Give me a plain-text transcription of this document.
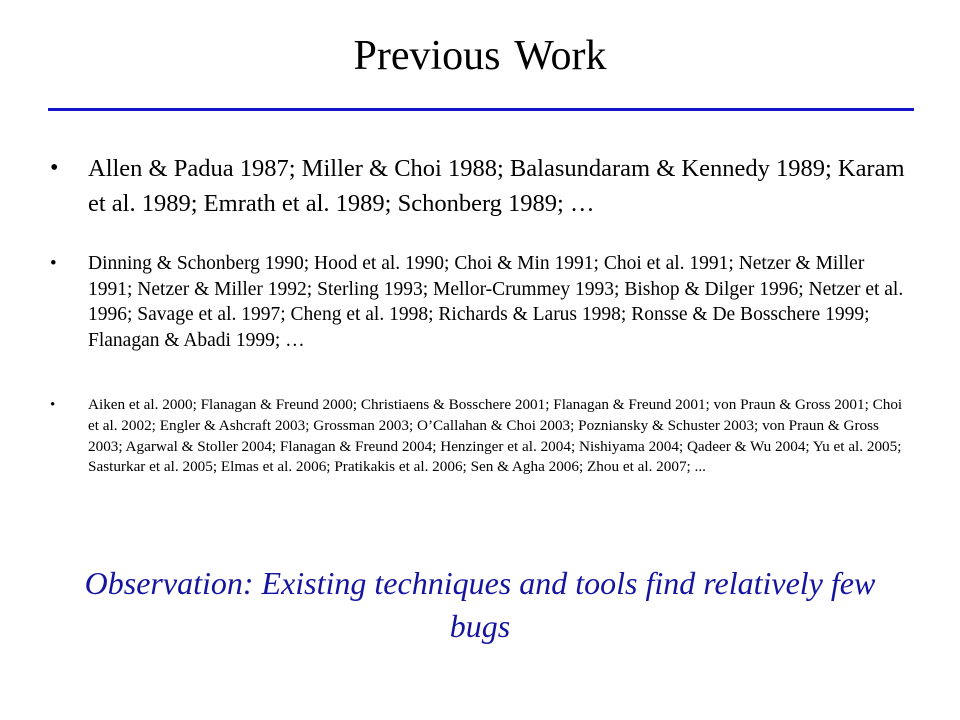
Previous Work
• Allen & Padua 1987; Miller & Choi 1988; Balasundaram & Kennedy 1989; Karam et al. 1989; Emrath et al. 1989; Schonberg 1989; …
• Dinning & Schonberg 1990; Hood et al. 1990; Choi & Min 1991; Choi et al. 1991; Netzer & Miller 1991; Netzer & Miller 1992; Sterling 1993; Mellor-Crummey 1993; Bishop & Dilger 1996; Netzer et al. 1996; Savage et al. 1997; Cheng et al. 1998; Richards & Larus 1998; Ronsse & De Bosschere 1999; Flanagan & Abadi 1999; …
• Aiken et al. 2000; Flanagan & Freund 2000; Christiaens & Bosschere 2001; Flanagan & Freund 2001; von Praun & Gross 2001; Choi et al. 2002; Engler & Ashcraft 2003; Grossman 2003; O’Callahan & Choi 2003; Pozniansky & Schuster 2003; von Praun & Gross 2003; Agarwal & Stoller 2004; Flanagan & Freund 2004; Henzinger et al. 2004; Nishiyama 2004; Qadeer & Wu 2004; Yu et al. 2005; Sasturkar et al. 2005; Elmas et al. 2006; Pratikakis et al. 2006; Sen & Agha 2006; Zhou et al. 2007; ...
Observation: Existing techniques and tools find relatively few bugs
